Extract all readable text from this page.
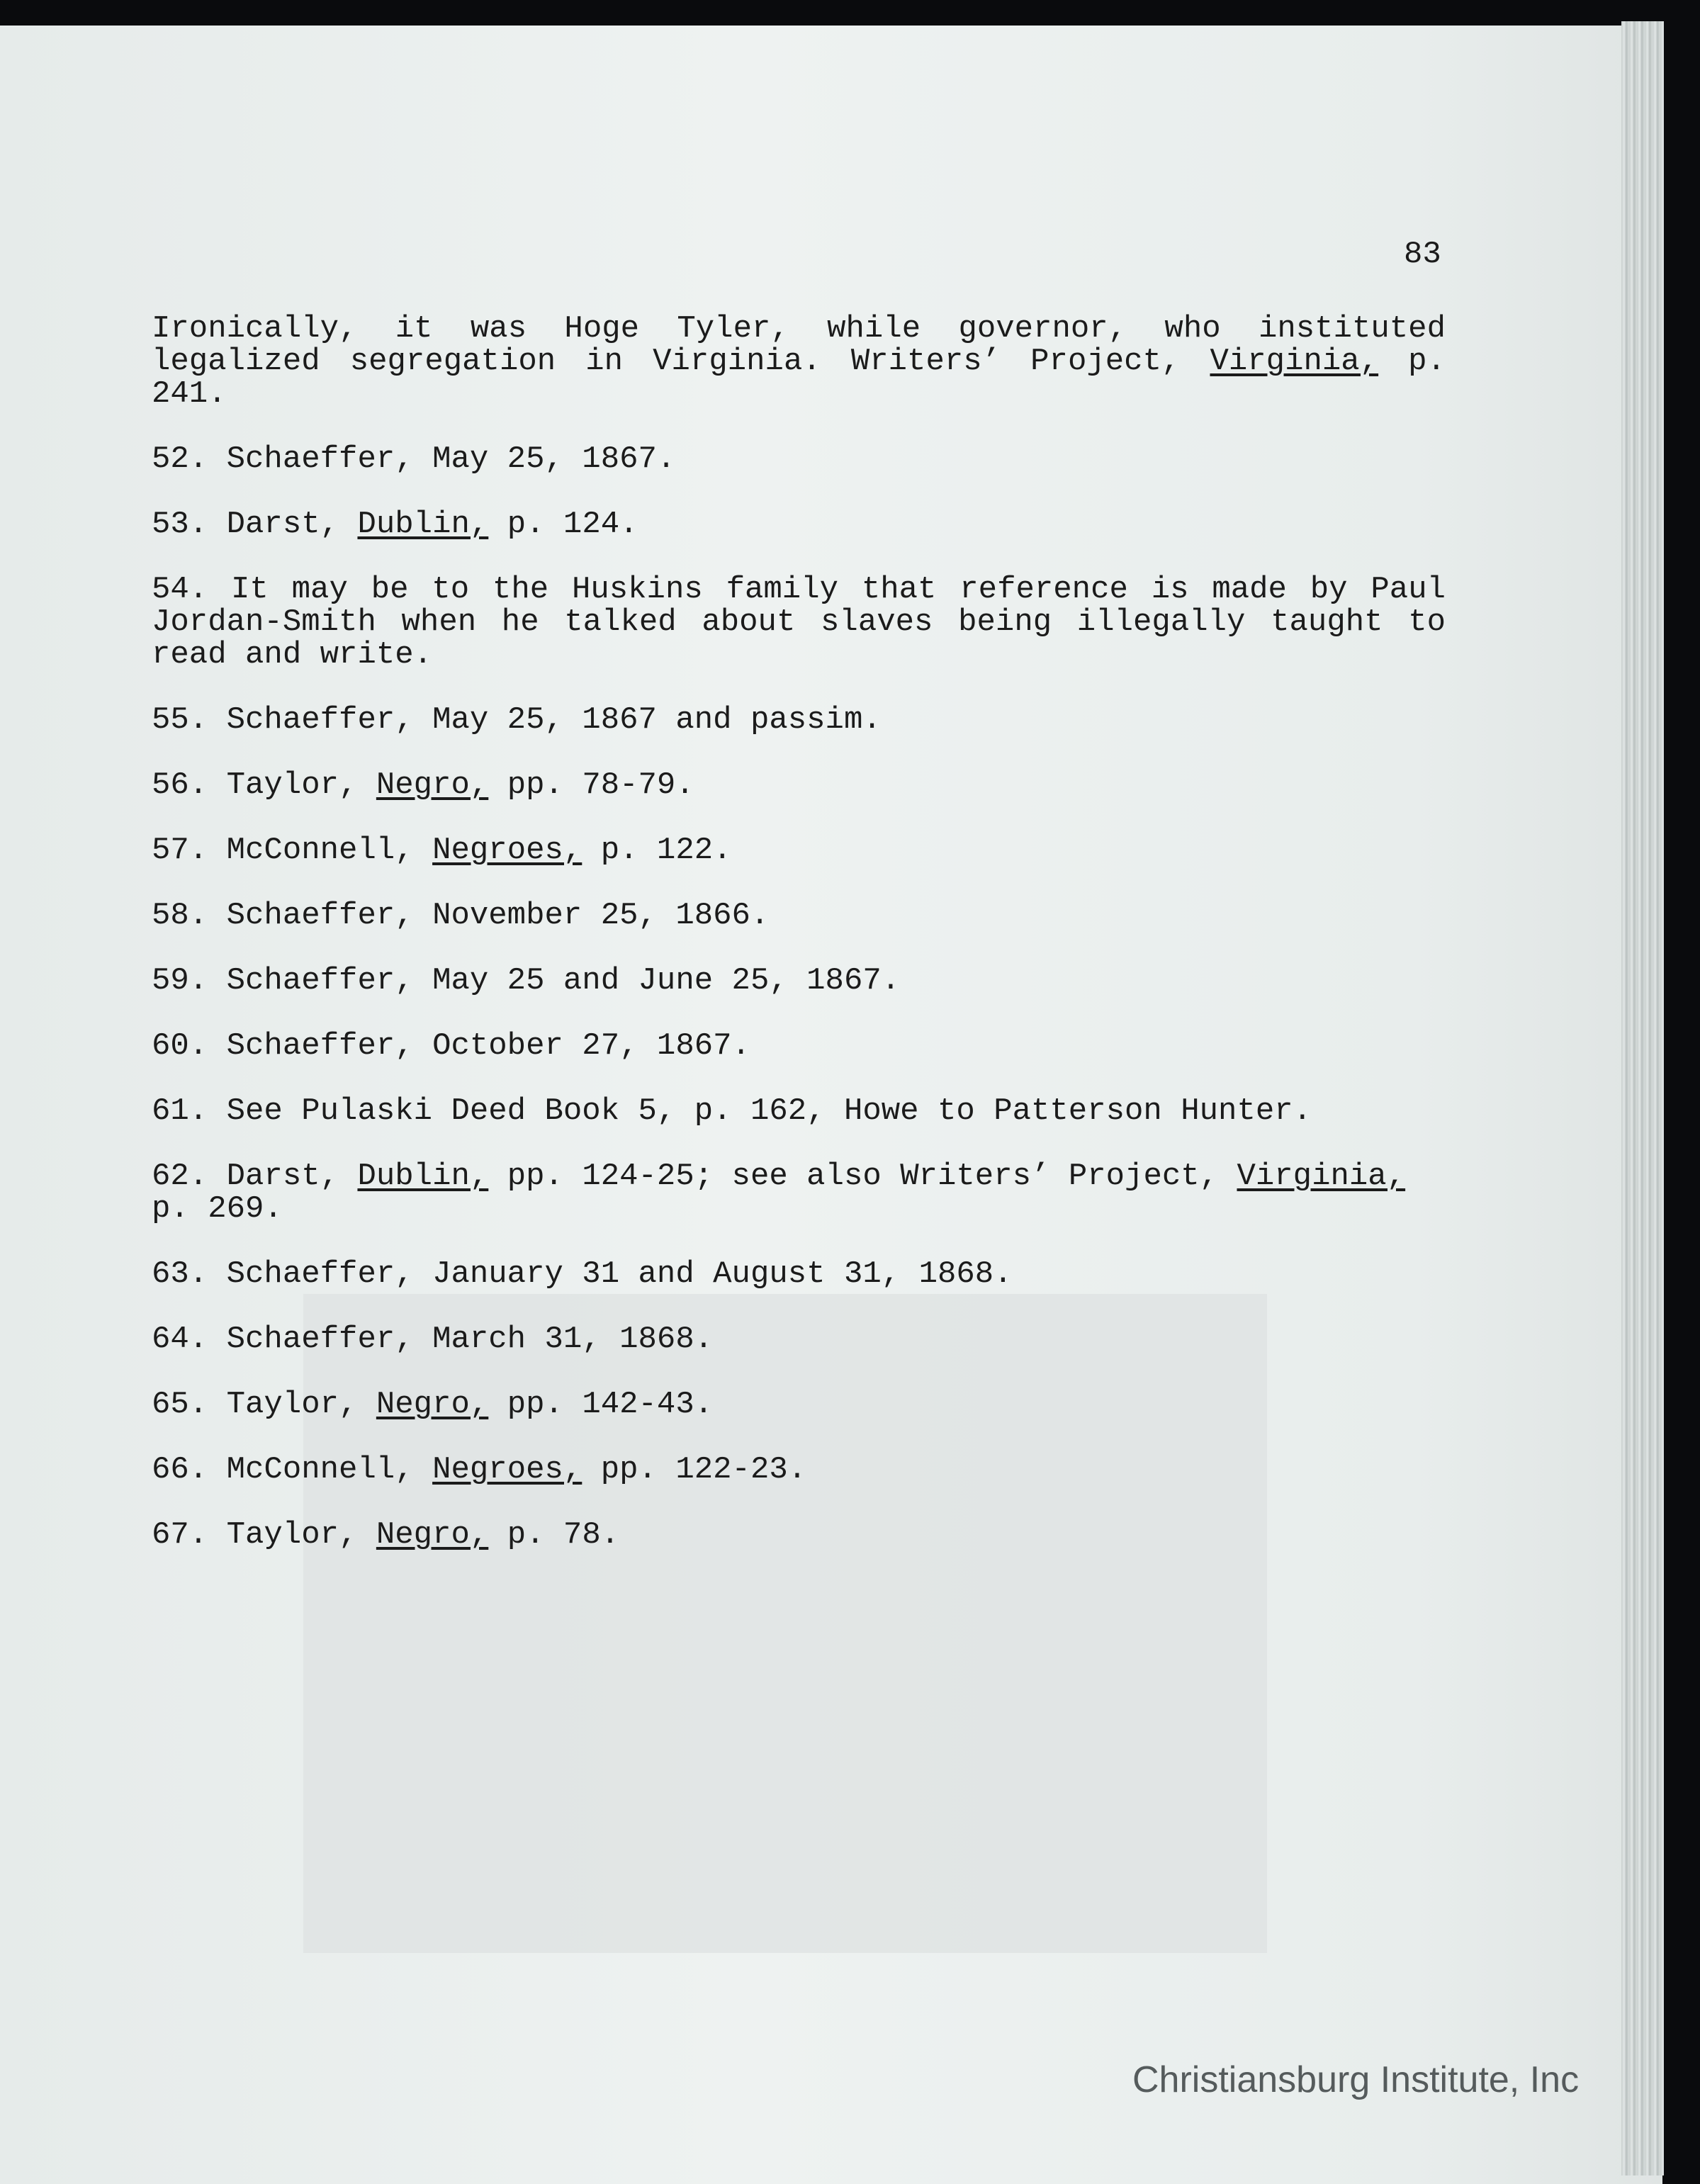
83

Ironically, it was Hoge Tyler, while governor, who instituted legalized segregation in Virginia. Writers’ Project, Virginia, p. 241.

52. Schaeffer, May 25, 1867.

53. Darst, Dublin, p. 124.

54. It may be to the Huskins family that reference is made by Paul Jordan-Smith when he talked about slaves being illegally taught to read and write.

55. Schaeffer, May 25, 1867 and passim.

56. Taylor, Negro, pp. 78-79.

57. McConnell, Negroes, p. 122.

58. Schaeffer, November 25, 1866.

59. Schaeffer, May 25 and June 25, 1867.

60. Schaeffer, October 27, 1867.

61. See Pulaski Deed Book 5, p. 162, Howe to Patterson Hunter.

62. Darst, Dublin, pp. 124-25; see also Writers’ Project, Virginia, p. 269.

63. Schaeffer, January 31 and August 31, 1868.

64. Schaeffer, March 31, 1868.

65. Taylor, Negro, pp. 142-43.

66. McConnell, Negroes, pp. 122-23.

67. Taylor, Negro, p. 78.

Christiansburg Institute, Inc
